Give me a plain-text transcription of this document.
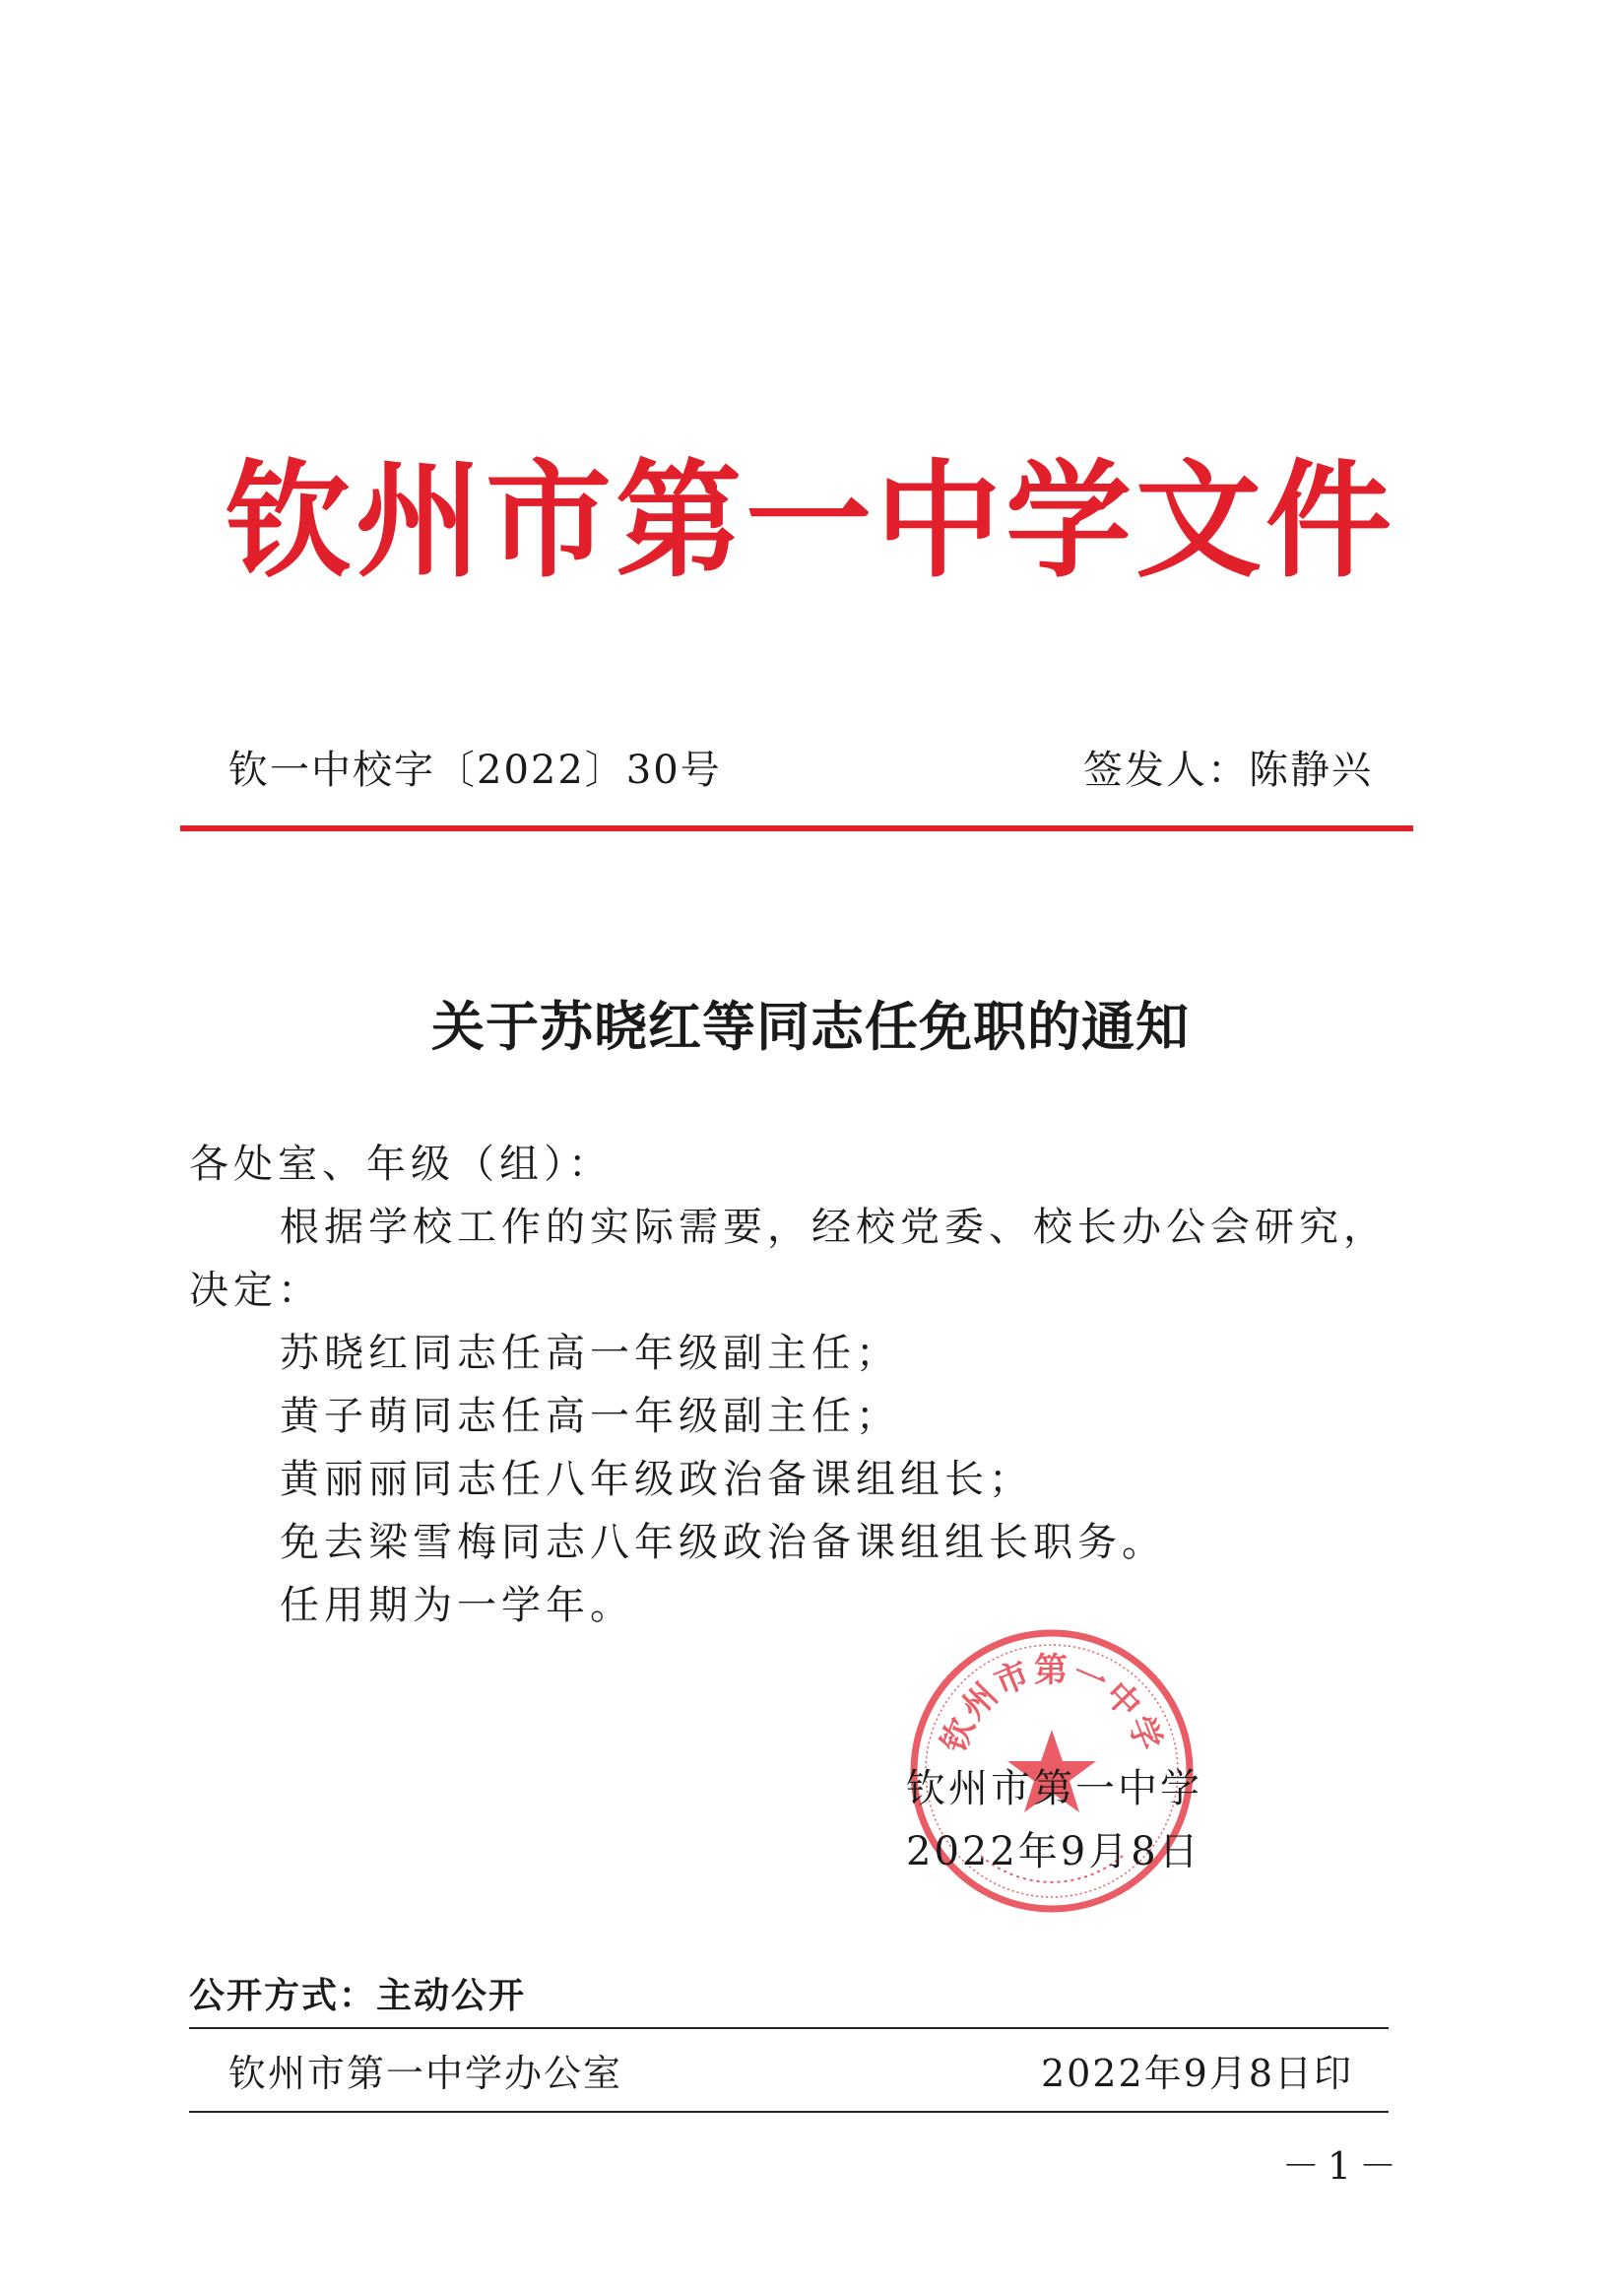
钦州市第一中学文件
钦一中校字〔2022〕30号	签发人：陈静兴
关于苏晓红等同志任免职的通知
各处室、年级（组）：
根据学校工作的实际需要，经校党委、校长办公会研究，决定：
苏晓红同志任高一年级副主任；
黄子萌同志任高一年级副主任；
黄丽丽同志任八年级政治备课组组长；
免去梁雪梅同志八年级政治备课组组长职务。
任用期为一学年。
钦州市第一中学
钦州市第一中学
2022年9月8日
公开方式：主动公开
钦州市第一中学办公室	2022年9月8日印
－1－
